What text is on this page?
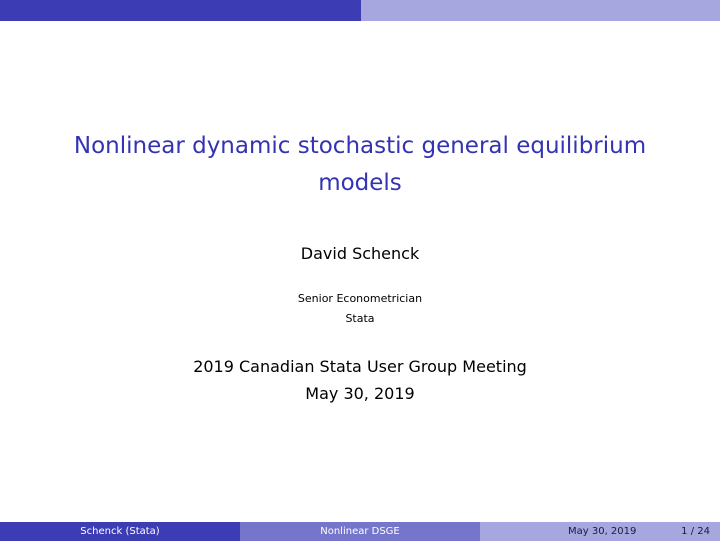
Nonlinear dynamic stochastic general equilibrium
models
David Schenck
Senior Econometrician
Stata
2019 Canadian Stata User Group Meeting
May 30, 2019
Schenck (Stata)	Nonlinear DSGE	May 30, 2019	1 / 24
